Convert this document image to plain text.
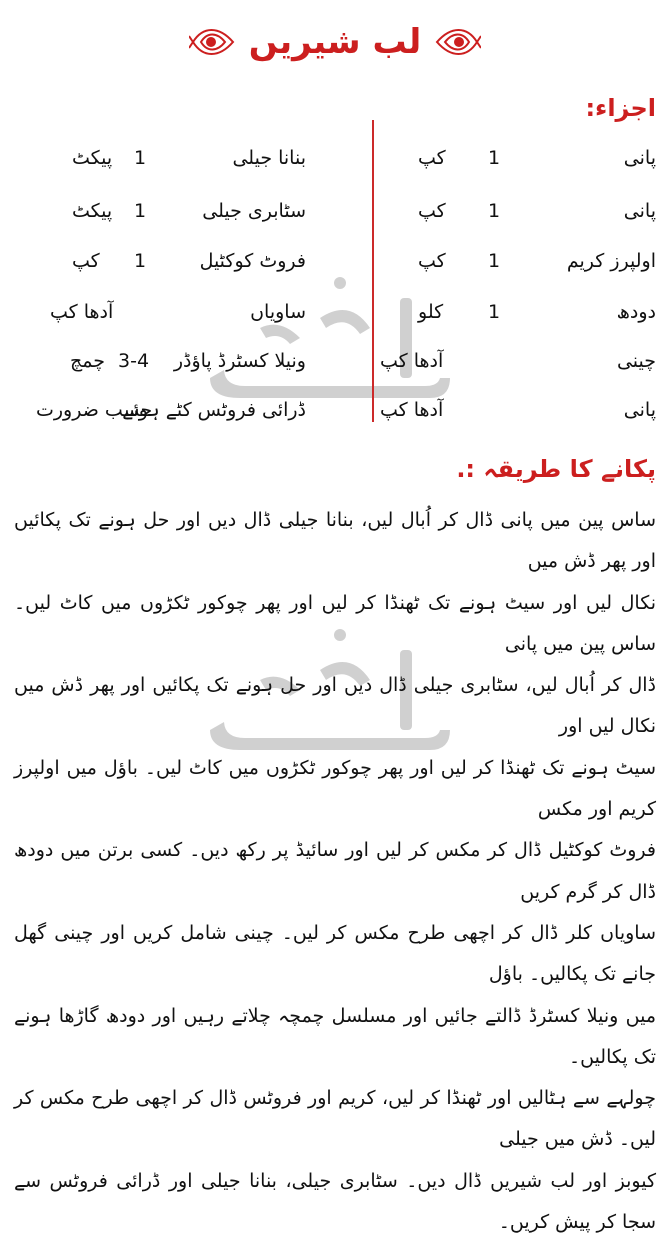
لب شیریں
اجزاء:
پکانے کا طریقہ :.
پانی
1
کپ
پانی
1
کپ
اولپرز کریم
1
کپ
دودھ
1
کلو
چینی
آدھا کپ
پانی
آدھا کپ
بنانا جیلی
1
پیکٹ
سٹابری جیلی
1
پیکٹ
فروٹ کوکٹیل
1
کپ
ساویاں
آدھا کپ
ونیلا کسٹرڈ پاؤڈر
3-4
چمچ
ڈرائی فروٹس کٹے ہوئے
حسب ضرورت

ساس پین میں پانی ڈال کر اُبال لیں، بنانا جیلی ڈال دیں اور حل ہونے تک پکائیں اور پھر ڈش میں

نکال لیں اور سیٹ ہونے تک ٹھنڈا کر لیں اور پھر چوکور ٹکڑوں میں کاٹ لیں۔ ساس پین میں پانی

ڈال کر اُبال لیں، سٹابری جیلی ڈال دیں اور حل ہونے تک پکائیں اور پھر ڈش میں نکال لیں اور

سیٹ ہونے تک ٹھنڈا کر لیں اور پھر چوکور ٹکڑوں میں کاٹ لیں۔ باؤل میں اولپرز کریم اور مکس

فروٹ کوکٹیل ڈال کر مکس کر لیں اور سائیڈ پر رکھ دیں۔ کسی برتن میں دودھ ڈال کر گرم کریں

ساویاں کلر ڈال کر اچھی طرح مکس کر لیں۔ چینی شامل کریں اور چینی گھل جانے تک پکالیں۔ باؤل

میں ونیلا کسٹرڈ ڈالتے جائیں اور مسلسل چمچہ چلاتے رہیں اور دودھ گاڑھا ہونے تک پکالیں۔

چولہے سے ہٹالیں اور ٹھنڈا کر لیں، کریم اور فروٹس ڈال کر اچھی طرح مکس کر لیں۔ ڈش میں جیلی

کیوبز اور لب شیریں ڈال دیں۔ سٹابری جیلی، بنانا جیلی اور ڈرائی فروٹس سے سجا کر پیش کریں۔
